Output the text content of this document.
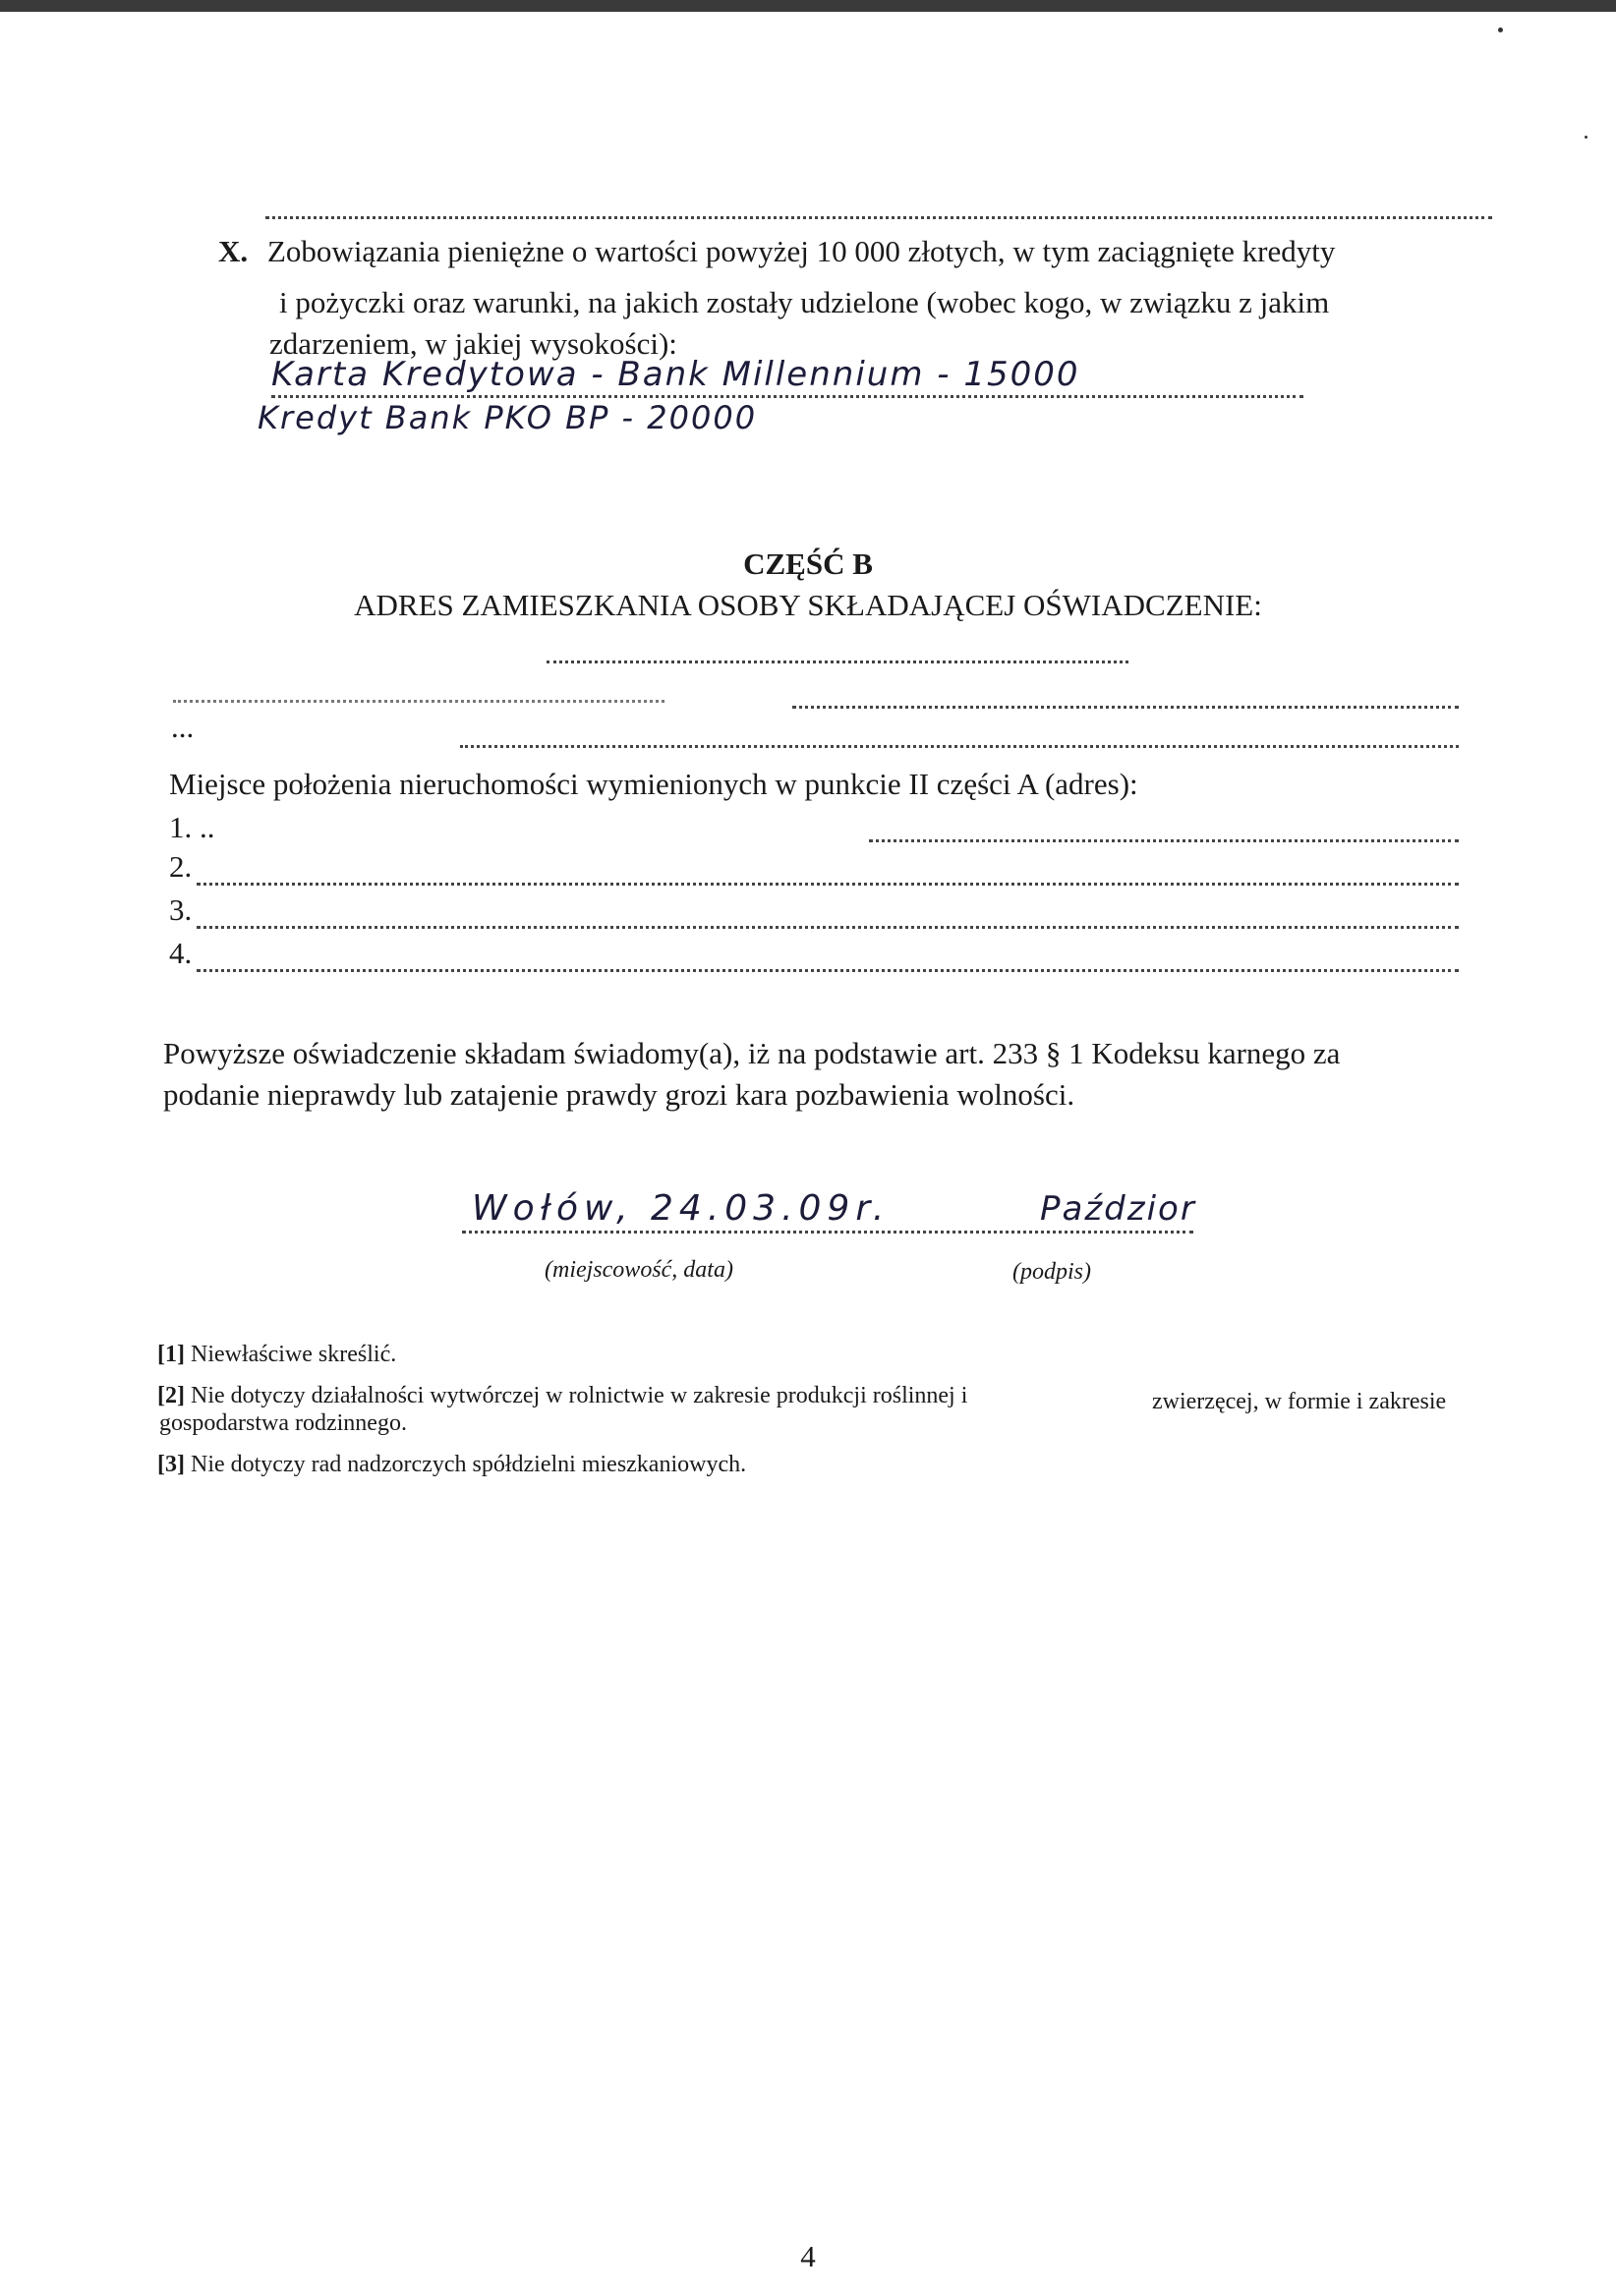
X. Zobowiązania pieniężne o wartości powyżej 10 000 złotych, w tym zaciągnięte kredyty
i pożyczki oraz warunki, na jakich zostały udzielone (wobec kogo, w związku z jakim
zdarzeniem, w jakiej wysokości):
Karta Kredytowa - Bank Millennium - 15000
Kredyt Bank PKO BP - 20000
CZĘŚĆ B
ADRES ZAMIESZKANIA OSOBY SKŁADAJĄCEJ OŚWIADCZENIE:
...
Miejsce położenia nieruchomości wymienionych w punkcie II części A (adres):
1. ..
2.
3.
4.
Powyższe oświadczenie składam świadomy(a), iż na podstawie art. 233 § 1 Kodeksu karnego za
podanie nieprawdy lub zatajenie prawdy grozi kara pozbawienia wolności.
Wołów, 24.03.09r.	Paździor
(miejscowość, data)	(podpis)
[1] Niewłaściwe skreślić.
[2] Nie dotyczy działalności wytwórczej w rolnictwie w zakresie produkcji roślinnej i	zwierzęcej, w formie i zakresie
gospodarstwa rodzinnego.
[3] Nie dotyczy rad nadzorczych spółdzielni mieszkaniowych.
4
